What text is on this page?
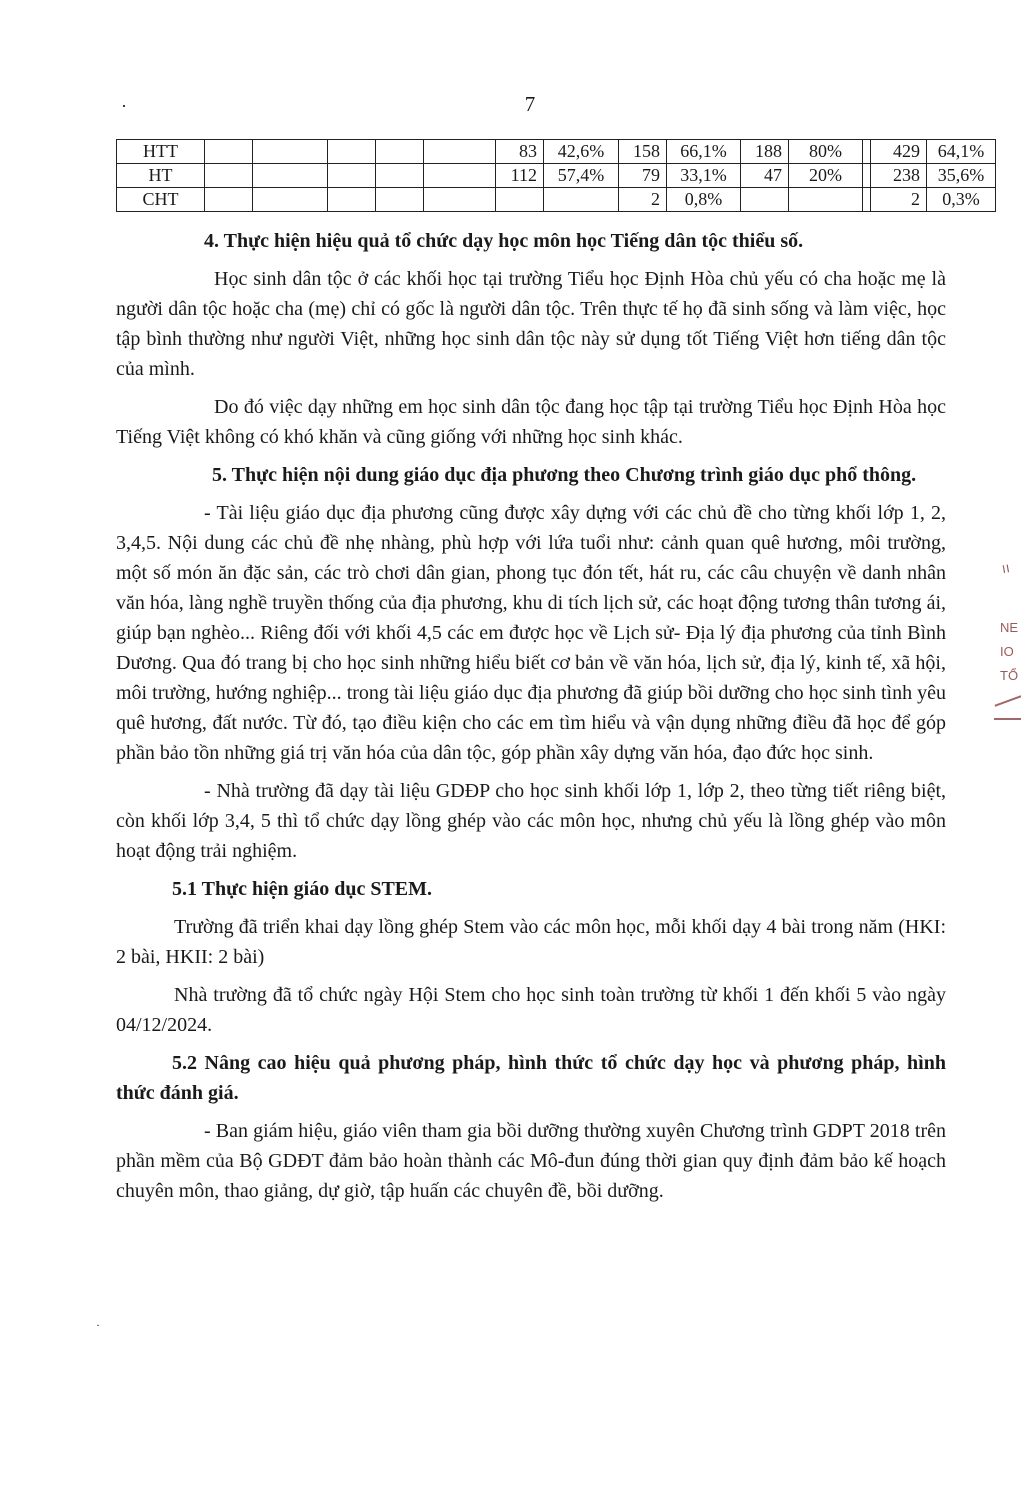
·	7
HTT						83	42,6%	158	66,1%	188	80%		429	64,1%
HT						112	57,4%	79	33,1%	47	20%		238	35,6%
CHT								2	0,8%				2	0,3%

4. Thực hiện hiệu quả tổ chức dạy học môn học Tiếng dân tộc thiểu số.

Học sinh dân tộc ở các khối học tại trường Tiểu học Định Hòa chủ yếu có cha hoặc mẹ là người dân tộc hoặc cha (mẹ) chỉ có gốc là người dân tộc. Trên thực tế họ đã sinh sống và làm việc, học tập bình thường như người Việt, những học sinh dân tộc này sử dụng tốt Tiếng Việt hơn tiếng dân tộc của mình.

Do đó việc dạy những em học sinh dân tộc đang học tập tại trường Tiểu học Định Hòa học Tiếng Việt không có khó khăn và cũng giống với những học sinh khác.

5. Thực hiện nội dung giáo dục địa phương theo Chương trình giáo dục phổ thông.

- Tài liệu giáo dục địa phương cũng được xây dựng với các chủ đề cho từng khối lớp 1, 2, 3,4,5. Nội dung các chủ đề nhẹ nhàng, phù hợp với lứa tuổi như: cảnh quan quê hương, môi trường, một số món ăn đặc sản, các trò chơi dân gian, phong tục đón tết, hát ru, các câu chuyện về danh nhân văn hóa, làng nghề truyền thống của địa phương, khu di tích lịch sử, các hoạt động tương thân tương ái, giúp bạn nghèo... Riêng đối với khối 4,5 các em được học về Lịch sử- Địa lý địa phương của tỉnh Bình Dương. Qua đó trang bị cho học sinh những hiểu biết cơ bản về văn hóa, lịch sử, địa lý, kinh tế, xã hội, môi trường, hướng nghiệp... trong tài liệu giáo dục địa phương đã giúp bồi dưỡng cho học sinh tình yêu quê hương, đất nước. Từ đó, tạo điều kiện cho các em tìm hiểu và vận dụng những điều đã học để góp phần bảo tồn những giá trị văn hóa của dân tộc, góp phần xây dựng văn hóa, đạo đức học sinh.

- Nhà trường đã dạy tài liệu GDĐP cho học sinh khối lớp 1, lớp 2, theo từng tiết riêng biệt, còn khối lớp 3,4, 5 thì tổ chức dạy lồng ghép vào các môn học, nhưng chủ yếu là lồng ghép vào môn hoạt động trải nghiệm.

5.1 Thực hiện giáo dục STEM.

Trường đã triển khai dạy lồng ghép Stem vào các môn học, mỗi khối dạy 4 bài trong năm (HKI: 2 bài, HKII: 2 bài)

Nhà trường đã tổ chức ngày Hội Stem cho học sinh toàn trường từ khối 1 đến khối 5 vào ngày 04/12/2024.

5.2 Nâng cao hiệu quả phương pháp, hình thức tổ chức dạy học và phương pháp, hình thức đánh giá.

- Ban giám hiệu, giáo viên tham gia bồi dưỡng thường xuyên Chương trình GDPT 2018 trên phần mềm của Bộ GDĐT đảm bảo hoàn thành các Mô-đun đúng thời gian quy định đảm bảo kế hoạch chuyên môn, thao giảng, dự giờ, tập huấn các chuyên đề, bồi dưỡng.

=
NE
IO
TỔ
·
